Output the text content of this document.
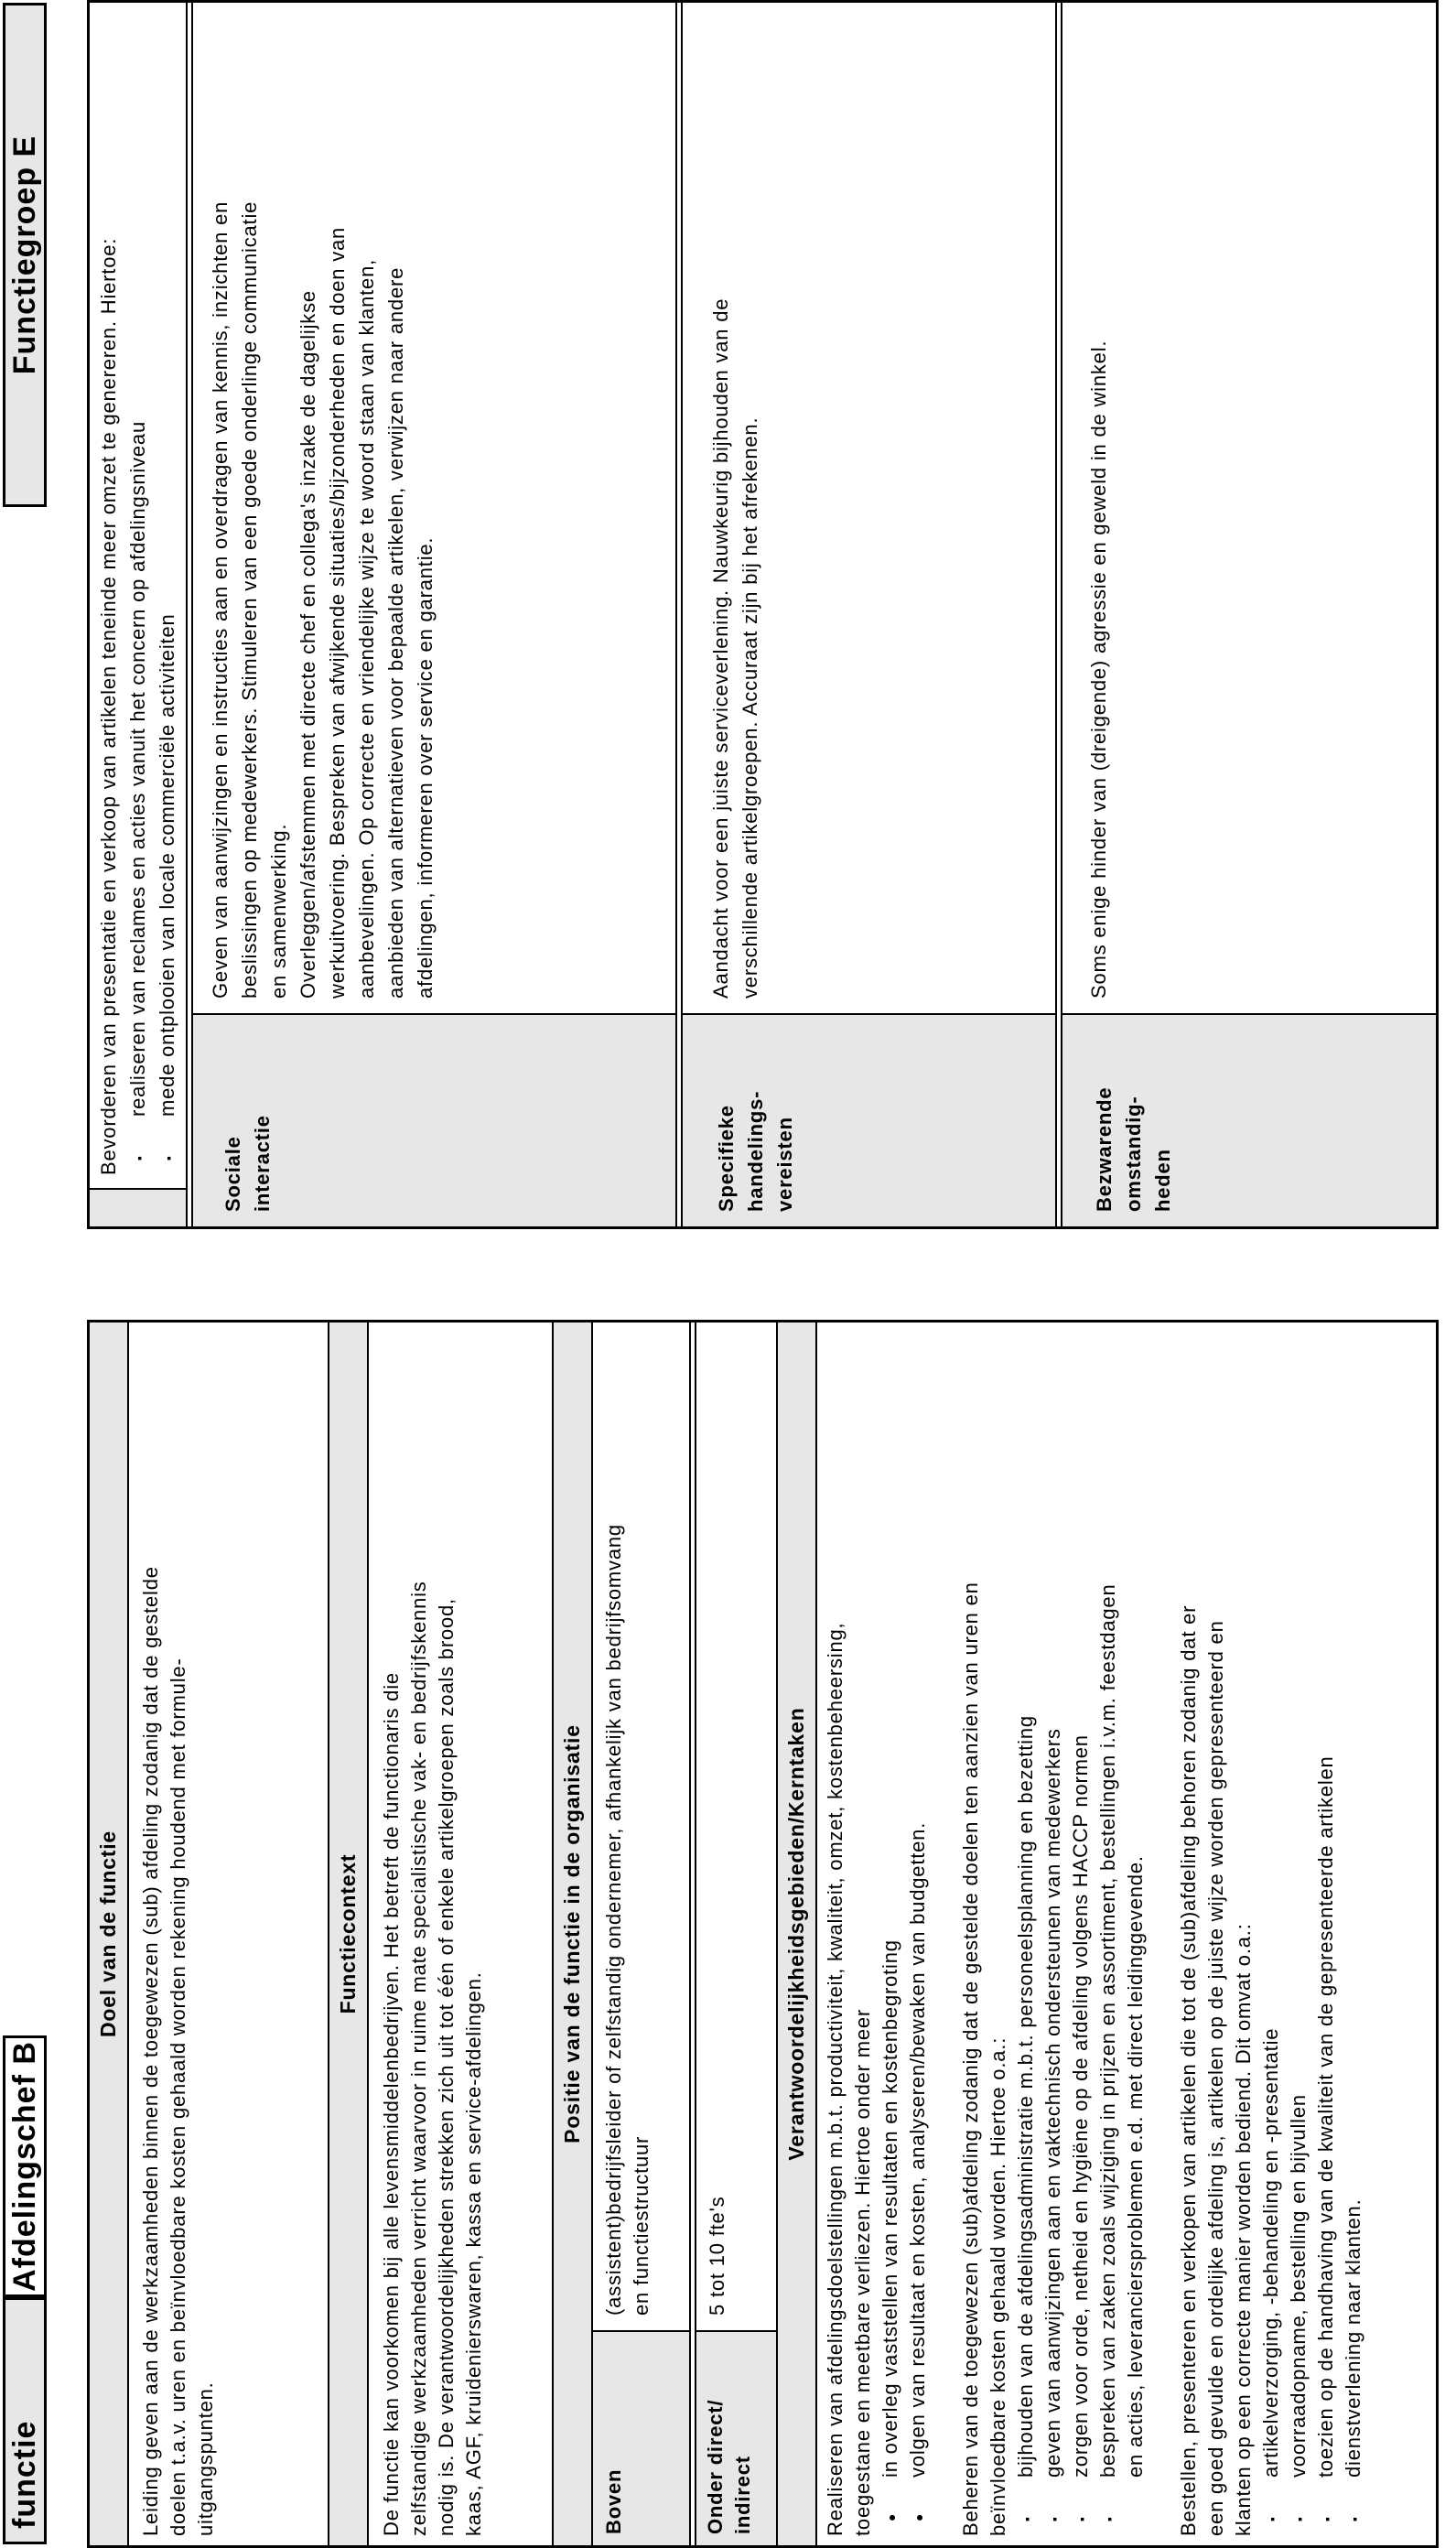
functie
Afdelingschef B
Functiegroep E
Doel van de functie Leiding geven aan de werkzaamheden binnen de toegewezen (sub) afdeling zodanig dat de gestelde doelen t.a.v. uren en beïnvloedbare kosten gehaald worden rekening houdend met formule- uitgangspunten.
Functiecontext	De functie kan voorkomen bij alle levensmiddelenbedrijven. Het betreft de functionaris die zelfstandige werkzaamheden verricht waarvoor in ruime mate specialistische vak- en bedrijfskennis nodig is. De verantwoordelijkheden strekken zich uit tot één of enkele artikelgroepen zoals brood, kaas, AGF, kruidenierswaren, kassa en service-afdelingen.
Positie van de functie in de organisatie
Boven
(assistent)bedrijfsleider of zelfstandig ondernemer, afhankelijk van bedrijfsomvang en functiestructuur
Onder direct/ indirect
5 tot 10 fte's
Verantwoordelijkheidsgebieden/Kerntaken Realiseren van afdelingsdoelstellingen m.b.t. productiviteit, kwaliteit, omzet, kostenbeheersing, toegestane en meetbare verliezen. Hiertoe onder meer ●in overleg vaststellen van resultaten en kostenbegroting
●volgen van resultaat en kosten, analyseren/bewaken van budgetten. Beheren van de toegewezen (sub)afdeling zodanig dat de gestelde doelen ten aanzien van uren en beïnvloedbare kosten gehaald worden. Hiertoe o.a.: ▪bijhouden van de afdelingsadministratie m.b.t. personeelsplanning en bezetting
▪geven van aanwijzingen aan en vaktechnisch ondersteunen van medewerkers
▪zorgen voor orde, netheid en hygiëne op de afdeling volgens HACCP normen
▪bespreken van zaken zoals wijziging in prijzen en assortiment, bestellingen i.v.m. feestdagen en acties, leveranciersproblemen e.d. met direct leidinggevende. Bestellen, presenteren en verkopen van artikelen die tot de (sub)afdeling behoren zodanig dat er een goed gevulde en ordelijke afdeling is, artikelen op de juiste wijze worden gepresenteerd en klanten op een correcte manier worden bediend. Dit omvat o.a.: ▪artikelverzorging, -behandeling en -presentatie
▪voorraadopname, bestelling en bijvullen
▪toezien op de handhaving van de kwaliteit van de gepresenteerde artikelen
▪dienstverlening naar klanten.
Bevorderen van presentatie en verkoop van artikelen teneinde meer omzet te genereren. Hiertoe: ▪realiseren van reclames en acties vanuit het concern op afdelingsniveau
▪mede ontplooien van locale commerciële activiteiten
Sociale interactie
Geven van aanwijzingen en instructies aan en overdragen van kennis, inzichten en beslissingen op medewerkers. Stimuleren van een goede onderlinge communicatie en samenwerking. Overleggen/afstemmen met directe chef en collega's inzake de dagelijkse werkuitvoering. Bespreken van afwijkende situaties/bijzonderheden en doen van aanbevelingen. Op correcte en vriendelijke wijze te woord staan van klanten, aanbieden van alternatieven voor bepaalde artikelen, verwijzen naar andere afdelingen, informeren over service en garantie.
Specifieke handelings- vereisten
Aandacht voor een juiste serviceverlening. Nauwkeurig bijhouden van de verschillende artikelgroepen. Accuraat zijn bij het afrekenen.
Bezwarende omstandig- heden
Soms enige hinder van (dreigende) agressie en geweld in de winkel.
